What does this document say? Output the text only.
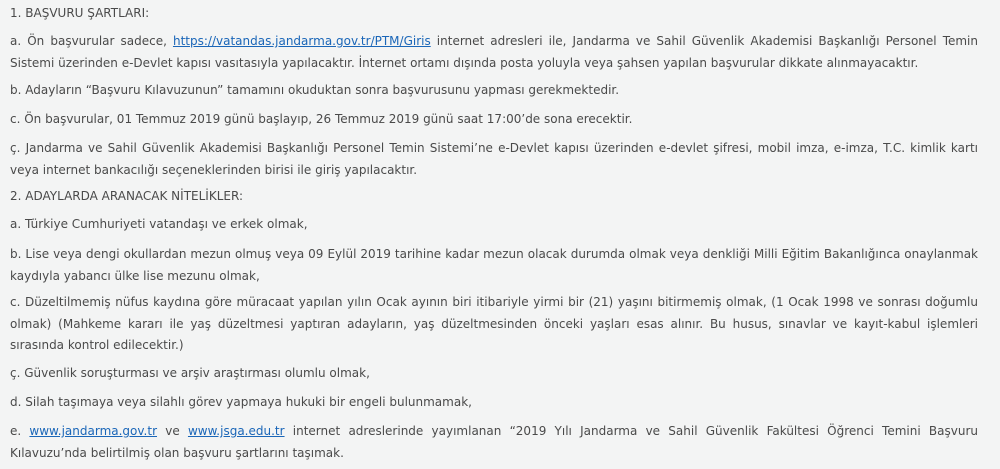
1. BAŞVURU ŞARTLARI:

a. Ön başvurular sadece, https://vatandas.jandarma.gov.tr/PTM/Giris internet adresleri ile, Jandarma ve Sahil Güvenlik Akademisi Başkanlığı Personel Temin Sistemi üzerinden e-Devlet kapısı vasıtasıyla yapılacaktır. İnternet ortamı dışında posta yoluyla veya şahsen yapılan başvurular dikkate alınmayacaktır.

b. Adayların “Başvuru Kılavuzunun” tamamını okuduktan sonra başvurusunu yapması gerekmektedir.

c. Ön başvurular, 01 Temmuz 2019 günü başlayıp, 26 Temmuz 2019 günü saat 17:00’de sona erecektir.

ç. Jandarma ve Sahil Güvenlik Akademisi Başkanlığı Personel Temin Sistemi’ne e-Devlet kapısı üzerinden e-devlet şifresi, mobil imza, e-imza, T.C. kimlik kartı veya internet bankacılığı seçeneklerinden birisi ile giriş yapılacaktır.

2. ADAYLARDA ARANACAK NİTELİKLER:

a. Türkiye Cumhuriyeti vatandaşı ve erkek olmak,

b. Lise veya dengi okullardan mezun olmuş veya 09 Eylül 2019 tarihine kadar mezun olacak durumda olmak veya denkliği Milli Eğitim Bakanlığınca onaylanmak kaydıyla yabancı ülke lise mezunu olmak,

c. Düzeltilmemiş nüfus kaydına göre müracaat yapılan yılın Ocak ayının biri itibariyle yirmi bir (21) yaşını bitirmemiş olmak, (1 Ocak 1998 ve sonrası doğumlu olmak) (Mahkeme kararı ile yaş düzeltmesi yaptıran adayların, yaş düzeltmesinden önceki yaşları esas alınır. Bu husus, sınavlar ve kayıt-kabul işlemleri sırasında kontrol edilecektir.)

ç. Güvenlik soruşturması ve arşiv araştırması olumlu olmak,

d. Silah taşımaya veya silahlı görev yapmaya hukuki bir engeli bulunmamak,

e. www.jandarma.gov.tr ve www.jsga.edu.tr internet adreslerinde yayımlanan “2019 Yılı Jandarma ve Sahil Güvenlik Fakültesi Öğrenci Temini Başvuru Kılavuzu’nda belirtilmiş olan başvuru şartlarını taşımak.
